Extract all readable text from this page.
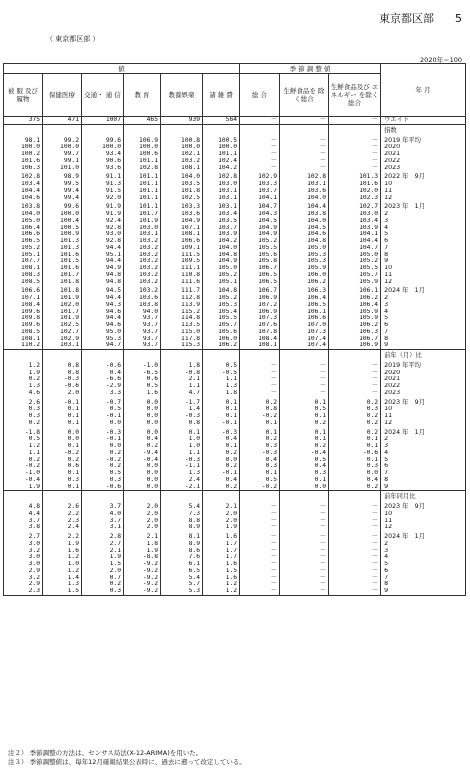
東京都区部 5
（ 東京都区部 ）
2020年＝100
値						季 節 調 整 値			年 月
被 服 及び履物	保健医療	交通・ 通 信	教 育	教養娯楽	諸 雑 費	総 合	生鮮食品を 除く総合	生鮮食品及び エネルギー を除く総合	
375	471	1007	465	939	564	－	－	－	ウエイト
									指数
98.1	99.2	99.6	106.9	100.8	100.5	－	－	－	2019 年平均
100.0	100.0	100.0	100.0	100.0	100.0	－	－	－	2020
100.2	99.7	93.4	100.6	102.1	101.1	－	－	－	2021
101.6	99.1	90.6	101.1	103.2	102.4	－	－	－	2022
106.3	101.0	93.6	102.8	108.1	104.2	－	－	－	2023
102.8	98.9	91.1	101.1	104.0	102.8	102.9	102.8	101.3	2022 年　9月
103.4	99.5	91.3	101.1	103.5	103.0	103.3	103.1	101.6	10
104.4	99.4	91.5	101.1	101.8	103.1	103.7	103.6	102.0	11
104.6	99.4	92.0	101.1	102.5	103.1	104.1	104.0	102.3	12
103.8	99.6	91.9	101.1	103.3	103.1	104.7	104.4	102.7	2023 年　1月
104.0	100.0	91.9	101.7	103.6	103.4	104.3	103.8	103.0	2
105.0	100.4	92.4	101.9	104.9	103.5	104.5	104.0	103.4	3
106.4	100.5	92.8	103.0	107.1	103.7	104.9	104.5	103.9	4
106.6	100.9	93.0	103.1	108.1	103.9	104.9	104.6	104.1	5
106.5	101.3	92.8	103.2	106.6	104.2	105.2	104.8	104.4	6
105.2	101.3	94.4	103.2	109.1	104.0	105.5	105.0	104.7	7
105.1	101.6	95.1	103.2	111.5	104.8	105.6	105.3	105.0	8
107.7	101.5	94.4	103.2	109.5	104.9	105.8	105.3	105.2	9
108.1	101.6	94.9	103.2	111.1	105.0	106.7	105.9	105.5	10
108.3	101.7	94.8	103.2	110.8	105.2	106.5	106.0	105.7	11
108.5	101.8	94.8	103.2	111.6	105.1	106.5	106.2	105.9	12
106.6	101.8	94.5	103.2	111.7	104.8	106.7	106.3	106.1	2024 年　1月
107.1	101.9	94.4	103.6	112.8	105.2	106.9	106.4	106.2	2
108.4	102.0	94.3	103.8	113.9	105.3	107.2	106.5	106.4	3
109.6	101.7	94.6	94.0	115.2	105.4	106.9	106.1	105.9	4
109.8	101.9	94.4	93.7	114.8	105.5	107.3	106.6	105.9	5
109.6	102.5	94.6	93.7	113.5	105.7	107.6	107.0	106.2	6
108.5	102.7	95.0	93.7	115.0	105.6	107.8	107.3	106.3	7
108.1	102.9	95.3	93.7	117.8	106.0	108.4	107.4	106.7	8
110.2	103.1	94.7	93.7	115.3	106.2	108.1	107.4	106.9	9
									前年（月）比
1.2	0.8	-0.6	-1.0	1.8	0.5	－	－	－	2019 年平均
1.9	0.8	0.4	-6.5	-0.8	-0.5	－	－	－	2020
0.2	-0.3	-6.6	0.6	2.1	1.1	－	－	－	2021
1.3	-0.6	-2.9	0.5	1.1	1.3	－	－	－	2022
4.6	2.0	3.3	1.6	4.7	1.8	－	－	－	2023
2.6	-0.1	-0.7	0.0	-1.7	0.1	0.2	0.1	0.2	2023 年　9月
0.3	0.1	0.5	0.0	1.4	0.1	0.8	0.5	0.3	10
0.3	0.1	-0.1	0.0	-0.3	0.1	-0.2	0.1	0.2	11
0.2	0.1	0.0	0.0	0.8	-0.1	0.1	0.2	0.2	12
-1.8	0.0	-0.3	0.0	0.1	-0.3	0.1	0.1	0.2	2024 年　1月
0.5	0.0	-0.1	0.4	1.0	0.4	0.2	0.1	0.1	2
1.2	0.1	0.0	0.2	1.0	0.1	0.3	0.2	0.1	3
1.1	-0.2	0.2	-9.4	1.1	0.2	-0.3	-0.4	-0.6	4
0.2	0.2	-0.2	-0.4	-0.3	0.0	0.4	0.5	0.1	5
-0.2	0.6	0.2	0.0	-1.1	0.2	0.3	0.4	0.3	6
-1.0	0.1	0.5	0.0	1.3	-0.1	0.1	0.3	0.0	7
-0.4	0.3	0.3	0.0	2.4	0.4	0.5	0.1	0.4	8
1.9	0.1	-0.6	0.0	-2.1	0.2	-0.2	0.0	0.2	9
									前年同月比
4.8	2.6	3.7	2.0	5.4	2.1	－	－	－	2023 年　9月
4.4	2.2	4.0	2.0	7.3	2.0	－	－	－	10
3.7	2.3	3.7	2.0	8.8	2.0	－	－	－	11
3.8	2.4	3.1	2.0	8.9	1.9	－	－	－	12
2.7	2.2	2.8	2.1	8.1	1.6	－	－	－	2024 年　1月
3.0	1.9	2.7	1.8	8.9	1.7	－	－	－	2
3.2	1.6	2.1	1.9	8.6	1.7	－	－	－	3
3.0	1.2	1.9	-8.8	7.6	1.7	－	－	－	4
3.0	1.0	1.5	-9.2	6.1	1.6	－	－	－	5
2.9	1.2	2.0	-9.2	6.5	1.5	－	－	－	6
3.2	1.4	0.7	-9.2	5.4	1.6	－	－	－	7
2.9	1.3	0.2	-9.2	5.7	1.2	－	－	－	8
2.3	1.5	0.3	-9.2	5.3	1.2	－	－	－	9
注２） 季節調整の方法は、センサス局法(X-12-ARIMA)を用いた。
注３） 季節調整値は、毎年12月確報結果公表時に、過去に遡って改定している。
